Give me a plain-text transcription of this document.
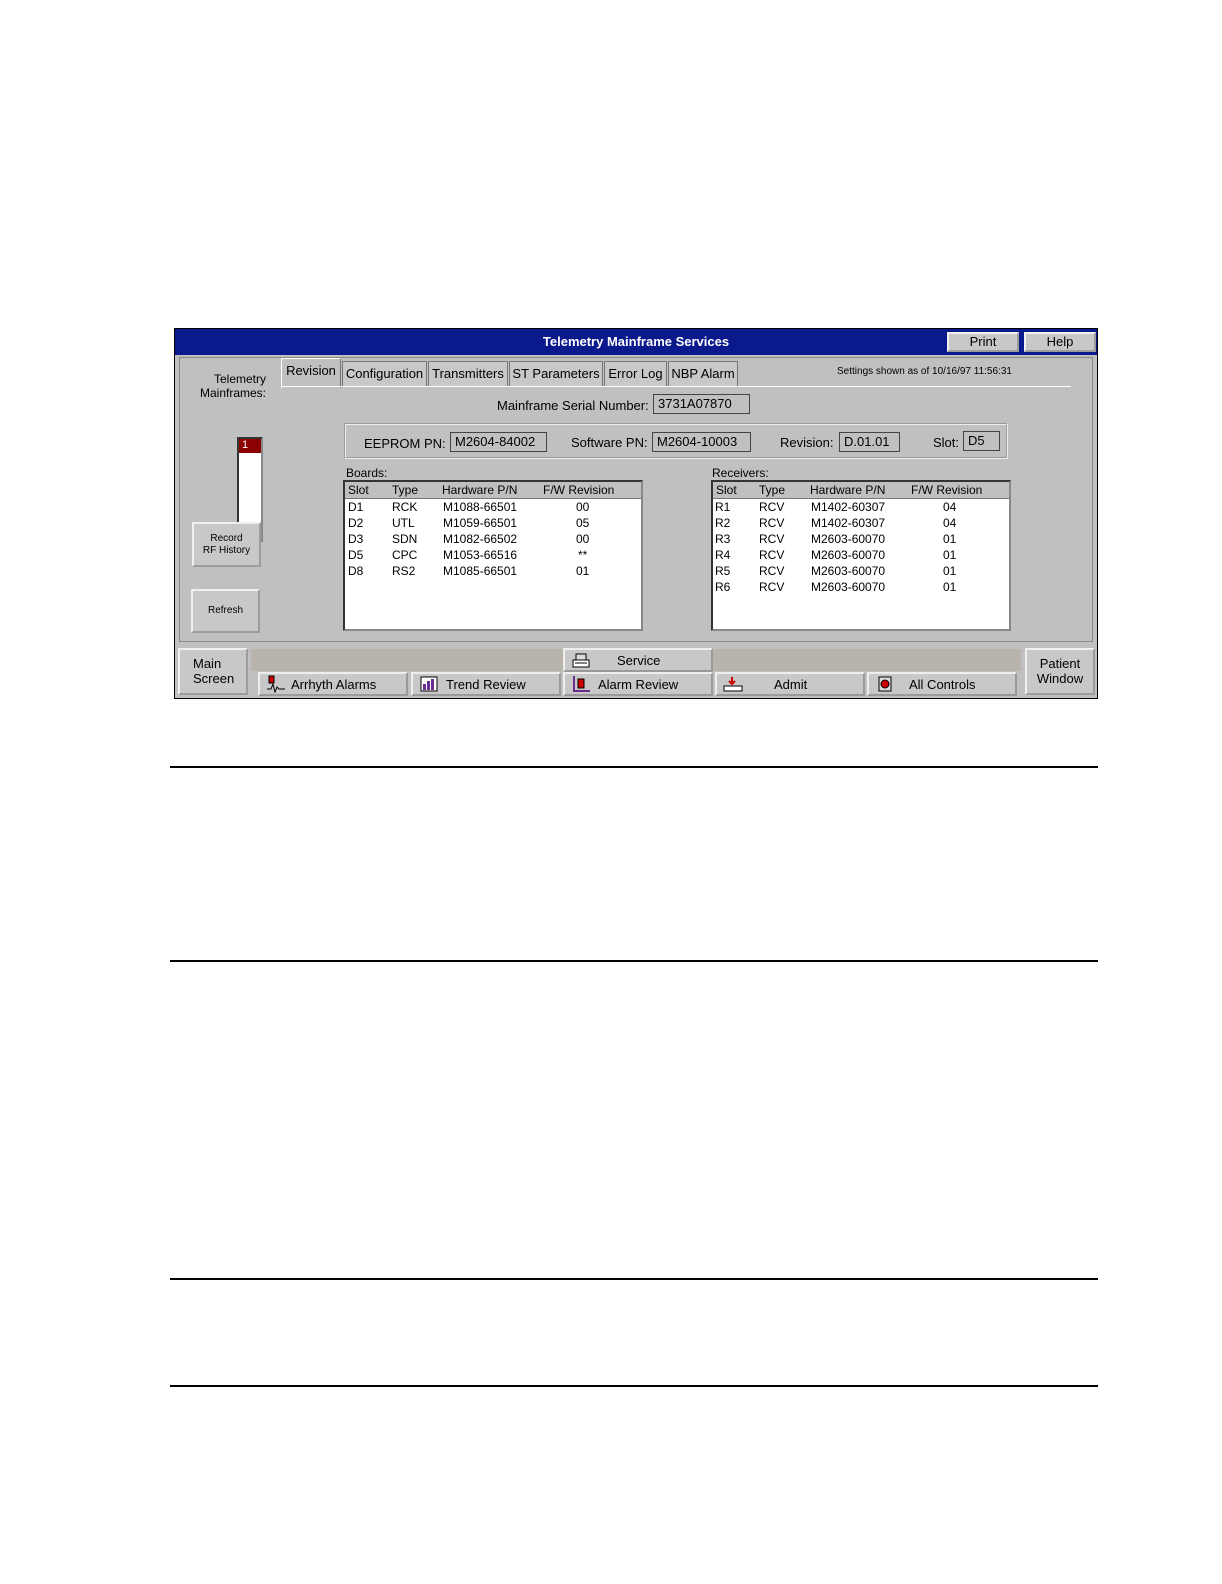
Telemetry Mainframe Services	Print	Help
Telemetry
Mainframes:
1
Record
RF History
Refresh
Revision Configuration Transmitters ST Parameters Error Log NBP Alarm	Settings shown as of 10/16/97 11:56:31
Mainframe Serial Number: 3731A07870
EEPROM PN: M2604-84002	Software PN: M2604-10003	Revision: D.01.01	Slot: D5
Boards:
Slot Type Hardware P/N F/W Revision
D1 RCK M1088-66501	00
D2 UTL M1059-66501	05
D3 SDN M1082-66502	00
D5 CPC M1053-66516	**
D8 RS2 M1085-66501	01
Receivers:
Slot Type Hardware P/N F/W Revision
R1 RCV M1402-60307	04
R2 RCV M1402-60307	04
R3 RCV M2603-60070	01
R4 RCV M2603-60070	01
R5 RCV M2603-60070	01
R6 RCV M2603-60070	01
Main
Screen
Service
Arrhyth Alarms	Trend Review	Alarm Review	Admit	All Controls
Patient
Window
